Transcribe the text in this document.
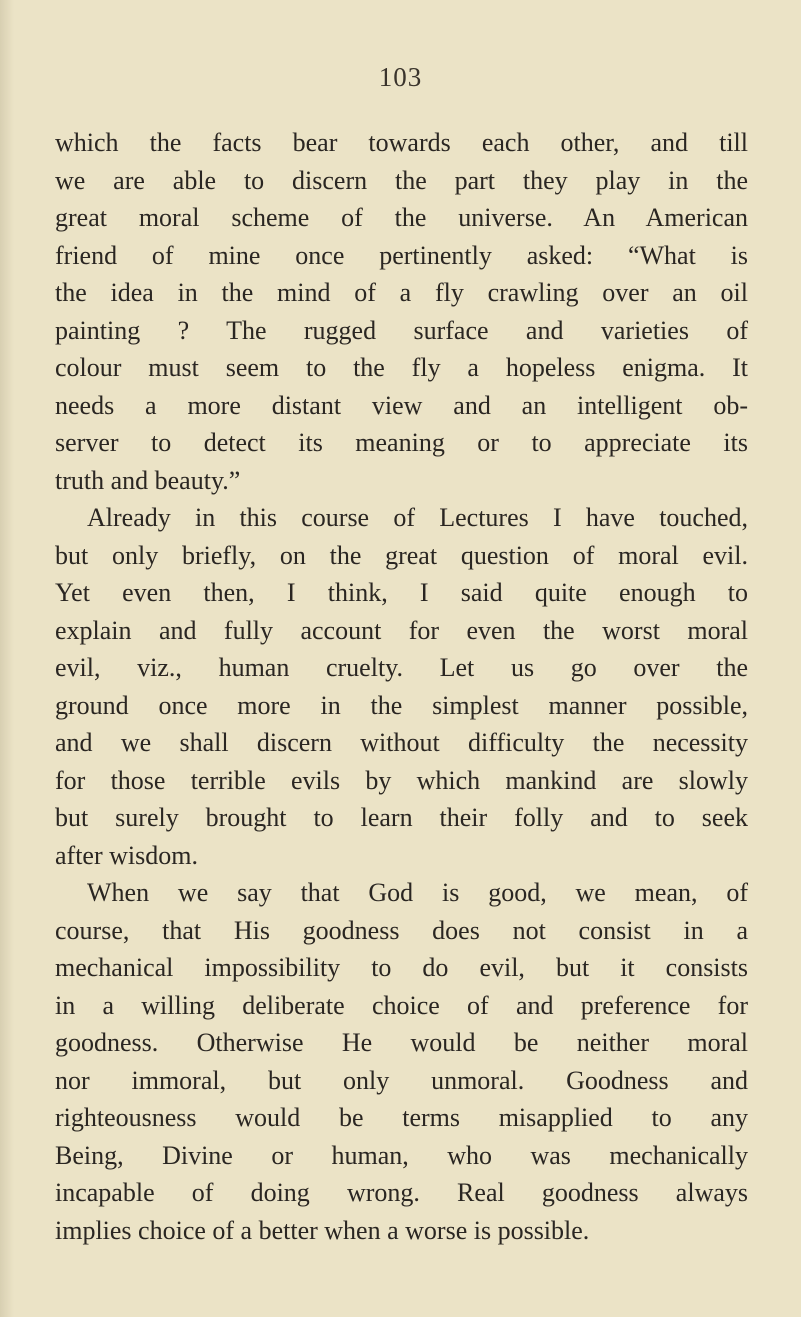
103
which the facts bear towards each other, and till
we are able to discern the part they play in the
great moral scheme of the universe. An American
friend of mine once pertinently asked: “What is
the idea in the mind of a fly crawling over an oil
painting ? The rugged surface and varieties of
colour must seem to the fly a hopeless enigma. It
needs a more distant view and an intelligent ob-
server to detect its meaning or to appreciate its
truth and beauty.”
Already in this course of Lectures I have touched,
but only briefly, on the great question of moral evil.
Yet even then, I think, I said quite enough to
explain and fully account for even the worst moral
evil, viz., human cruelty. Let us go over the
ground once more in the simplest manner possible,
and we shall discern without difficulty the necessity
for those terrible evils by which mankind are slowly
but surely brought to learn their folly and to seek
after wisdom.
When we say that God is good, we mean, of
course, that His goodness does not consist in a
mechanical impossibility to do evil, but it consists
in a willing deliberate choice of and preference for
goodness. Otherwise He would be neither moral
nor immoral, but only unmoral. Goodness and
righteousness would be terms misapplied to any
Being, Divine or human, who was mechanically
incapable of doing wrong. Real goodness always
implies choice of a better when a worse is possible.
